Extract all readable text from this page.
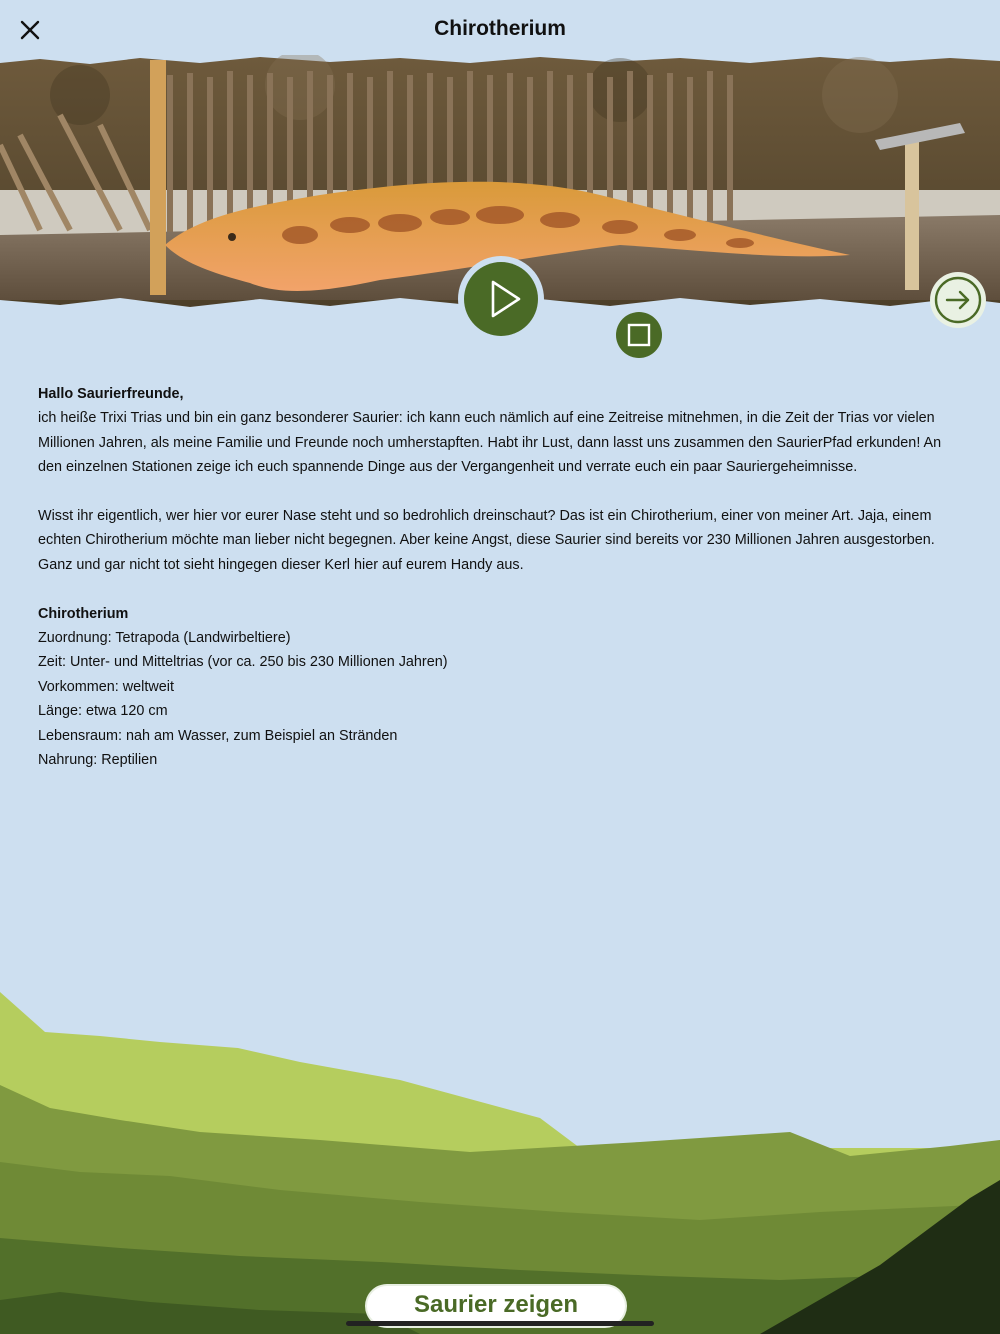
Chirotherium

Hallo Saurierfreunde,

ich heiße Trixi Trias und bin ein ganz besonderer Saurier: ich kann euch nämlich auf eine Zeitreise mitnehmen, in die Zeit der Trias vor vielen Millionen Jahren, als meine Familie und Freunde noch umherstapften. Habt ihr Lust, dann lasst uns zusammen den SaurierPfad erkunden! An den einzelnen Stationen zeige ich euch spannende Dinge aus der Vergangenheit und verrate euch ein paar Sauriergeheimnisse.

Wisst ihr eigentlich, wer hier vor eurer Nase steht und so bedrohlich dreinschaut? Das ist ein Chirotherium, einer von meiner Art. Jaja, einem echten Chirotherium möchte man lieber nicht begegnen. Aber keine Angst, diese Saurier sind bereits vor 230 Millionen Jahren ausgestorben. Ganz und gar nicht tot sieht hingegen dieser Kerl hier auf eurem Handy aus.

Chirotherium

Zuordnung: Tetrapoda (Landwirbeltiere)

Zeit: Unter- und Mitteltrias (vor ca. 250 bis 230 Millionen Jahren)

Vorkommen: weltweit

Länge: etwa 120 cm

Lebensraum: nah am Wasser, zum Beispiel an Stränden

Nahrung: Reptilien

Saurier zeigen
